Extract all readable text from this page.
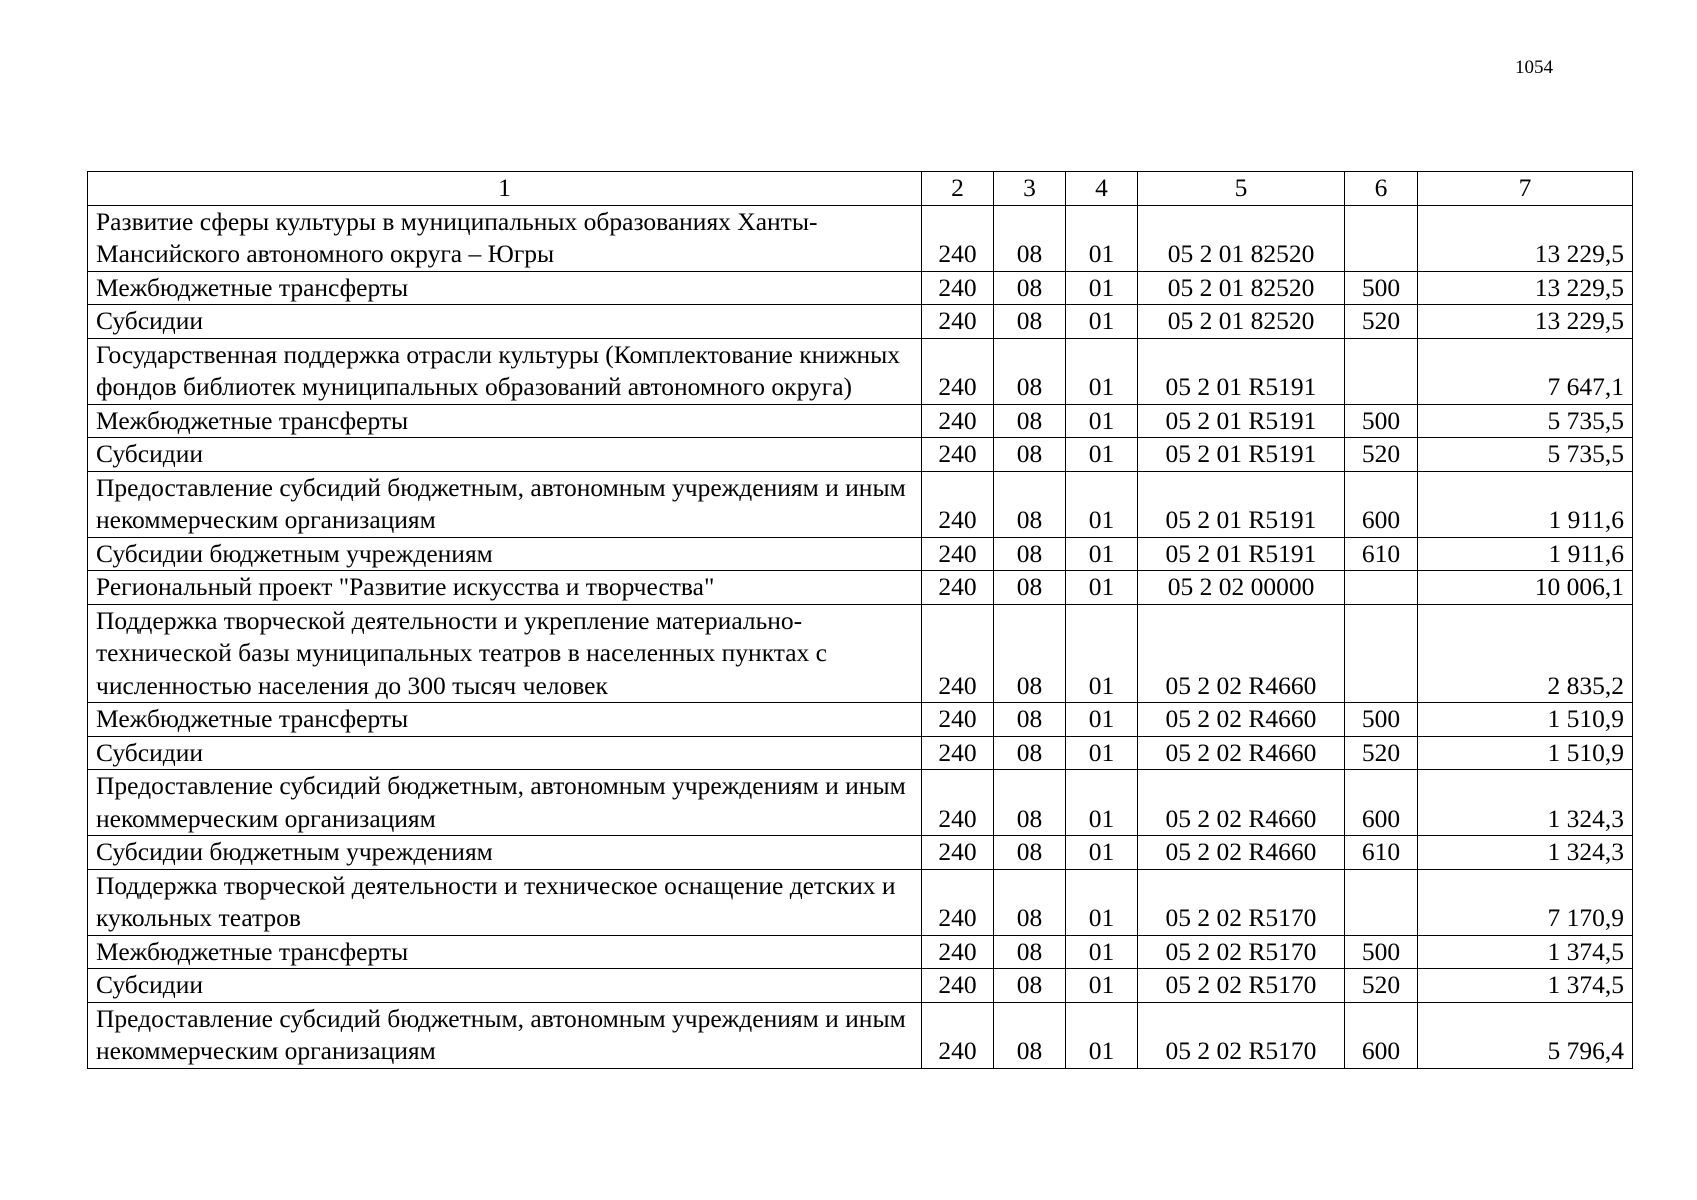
1054
1	2	3	4	5	6	7
Развитие сферы культуры в муниципальных образованиях Ханты-Мансийского автономного округа – Югры	240	08	01	05 2 01 82520		13 229,5
Межбюджетные трансферты	240	08	01	05 2 01 82520	500	13 229,5
Субсидии	240	08	01	05 2 01 82520	520	13 229,5
Государственная поддержка отрасли культуры (Комплектование книжных фондов библиотек муниципальных образований автономного округа)	240	08	01	05 2 01 R5191		7 647,1
Межбюджетные трансферты	240	08	01	05 2 01 R5191	500	5 735,5
Субсидии	240	08	01	05 2 01 R5191	520	5 735,5
Предоставление субсидий бюджетным, автономным учреждениям и иным некоммерческим организациям	240	08	01	05 2 01 R5191	600	1 911,6
Субсидии бюджетным учреждениям	240	08	01	05 2 01 R5191	610	1 911,6
Региональный проект "Развитие искусства и творчества"	240	08	01	05 2 02 00000		10 006,1
Поддержка творческой деятельности и укрепление материально-технической базы муниципальных театров в населенных пунктах с численностью населения до 300 тысяч человек	240	08	01	05 2 02 R4660		2 835,2
Межбюджетные трансферты	240	08	01	05 2 02 R4660	500	1 510,9
Субсидии	240	08	01	05 2 02 R4660	520	1 510,9
Предоставление субсидий бюджетным, автономным учреждениям и иным некоммерческим организациям	240	08	01	05 2 02 R4660	600	1 324,3
Субсидии бюджетным учреждениям	240	08	01	05 2 02 R4660	610	1 324,3
Поддержка творческой деятельности и техническое оснащение детских и кукольных театров	240	08	01	05 2 02 R5170		7 170,9
Межбюджетные трансферты	240	08	01	05 2 02 R5170	500	1 374,5
Субсидии	240	08	01	05 2 02 R5170	520	1 374,5
Предоставление субсидий бюджетным, автономным учреждениям и иным некоммерческим организациям	240	08	01	05 2 02 R5170	600	5 796,4
